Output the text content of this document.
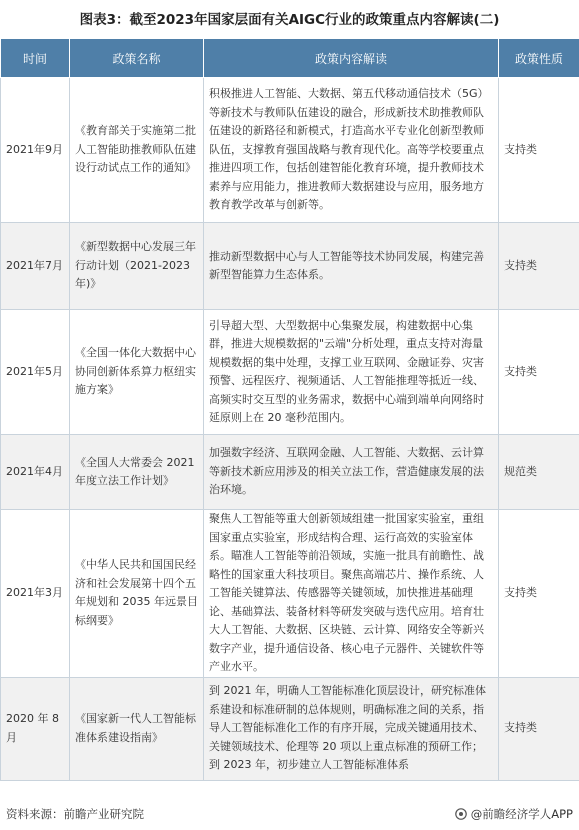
图表3：截至2023年国家层面有关AIGC行业的政策重点内容解读(二)
时间	政策名称	政策内容解读	政策性质
2021年9月	《教育部关于实施第二批人工智能助推教师队伍建设行动试点工作的通知》	积极推进人工智能、大数据、第五代移动通信技术（5G）等新技术与教师队伍建设的融合，形成新技术助推教师队伍建设的新路径和新模式，打造高水平专业化创新型教师队伍，支撑教育强国战略与教育现代化。高等学校要重点推进四项工作，包括创建智能化教育环境，提升教师技术素养与应用能力，推进教师大数据建设与应用，服务地方教育教学改革与创新等。	支持类
2021年7月	《新型数据中心发展三年行动计划（2021-2023年)》	推动新型数据中心与人工智能等技术协同发展，构建完善新型智能算力生态体系。	支持类
2021年5月	《全国一体化大数据中心协同创新体系算力枢纽实施方案》	引导超大型、大型数据中心集聚发展，构建数据中心集群，推进大规模数据的"云端"分析处理，重点支持对海量规模数据的集中处理，支撑工业互联网、金融证券、灾害预警、远程医疗、视频通话、人工智能推理等抵近一线、高频实时交互型的业务需求，数据中心端到端单向网络时延原则上在 20 毫秒范围内。	支持类
2021年4月	《全国人大常委会 2021 年度立法工作计划》	加强数字经济、互联网金融、人工智能、大数据、云计算等新技术新应用涉及的相关立法工作，营造健康发展的法治环境。	规范类
2021年3月	《中华人民共和国国民经济和社会发展第十四个五年规划和 2035 年远景目标纲要》	聚焦人工智能等重大创新领域组建一批国家实验室，重组国家重点实验室，形成结构合理、运行高效的实验室体系。瞄准人工智能等前沿领域，实施一批具有前瞻性、战略性的国家重大科技项目。聚焦高端芯片、操作系统、人工智能关键算法、传感器等关键领域，加快推进基础理论、基础算法、装备材料等研发突破与迭代应用。培育壮大人工智能、大数据、区块链、云计算、网络安全等新兴数字产业，提升通信设备、核心电子元器件、关键软件等产业水平。	支持类
2020 年 8 月	《国家新一代人工智能标准体系建设指南》	到 2021 年，明确人工智能标准化顶层设计，研究标准体系建设和标准研制的总体规则，明确标准之间的关系，指导人工智能标准化工作的有序开展，完成关键通用技术、关键领域技术、伦理等 20 项以上重点标准的预研工作；到 2023 年，初步建立人工智能标准体系	支持类
资料来源：前瞻产业研究院	@前瞻经济学人APP
